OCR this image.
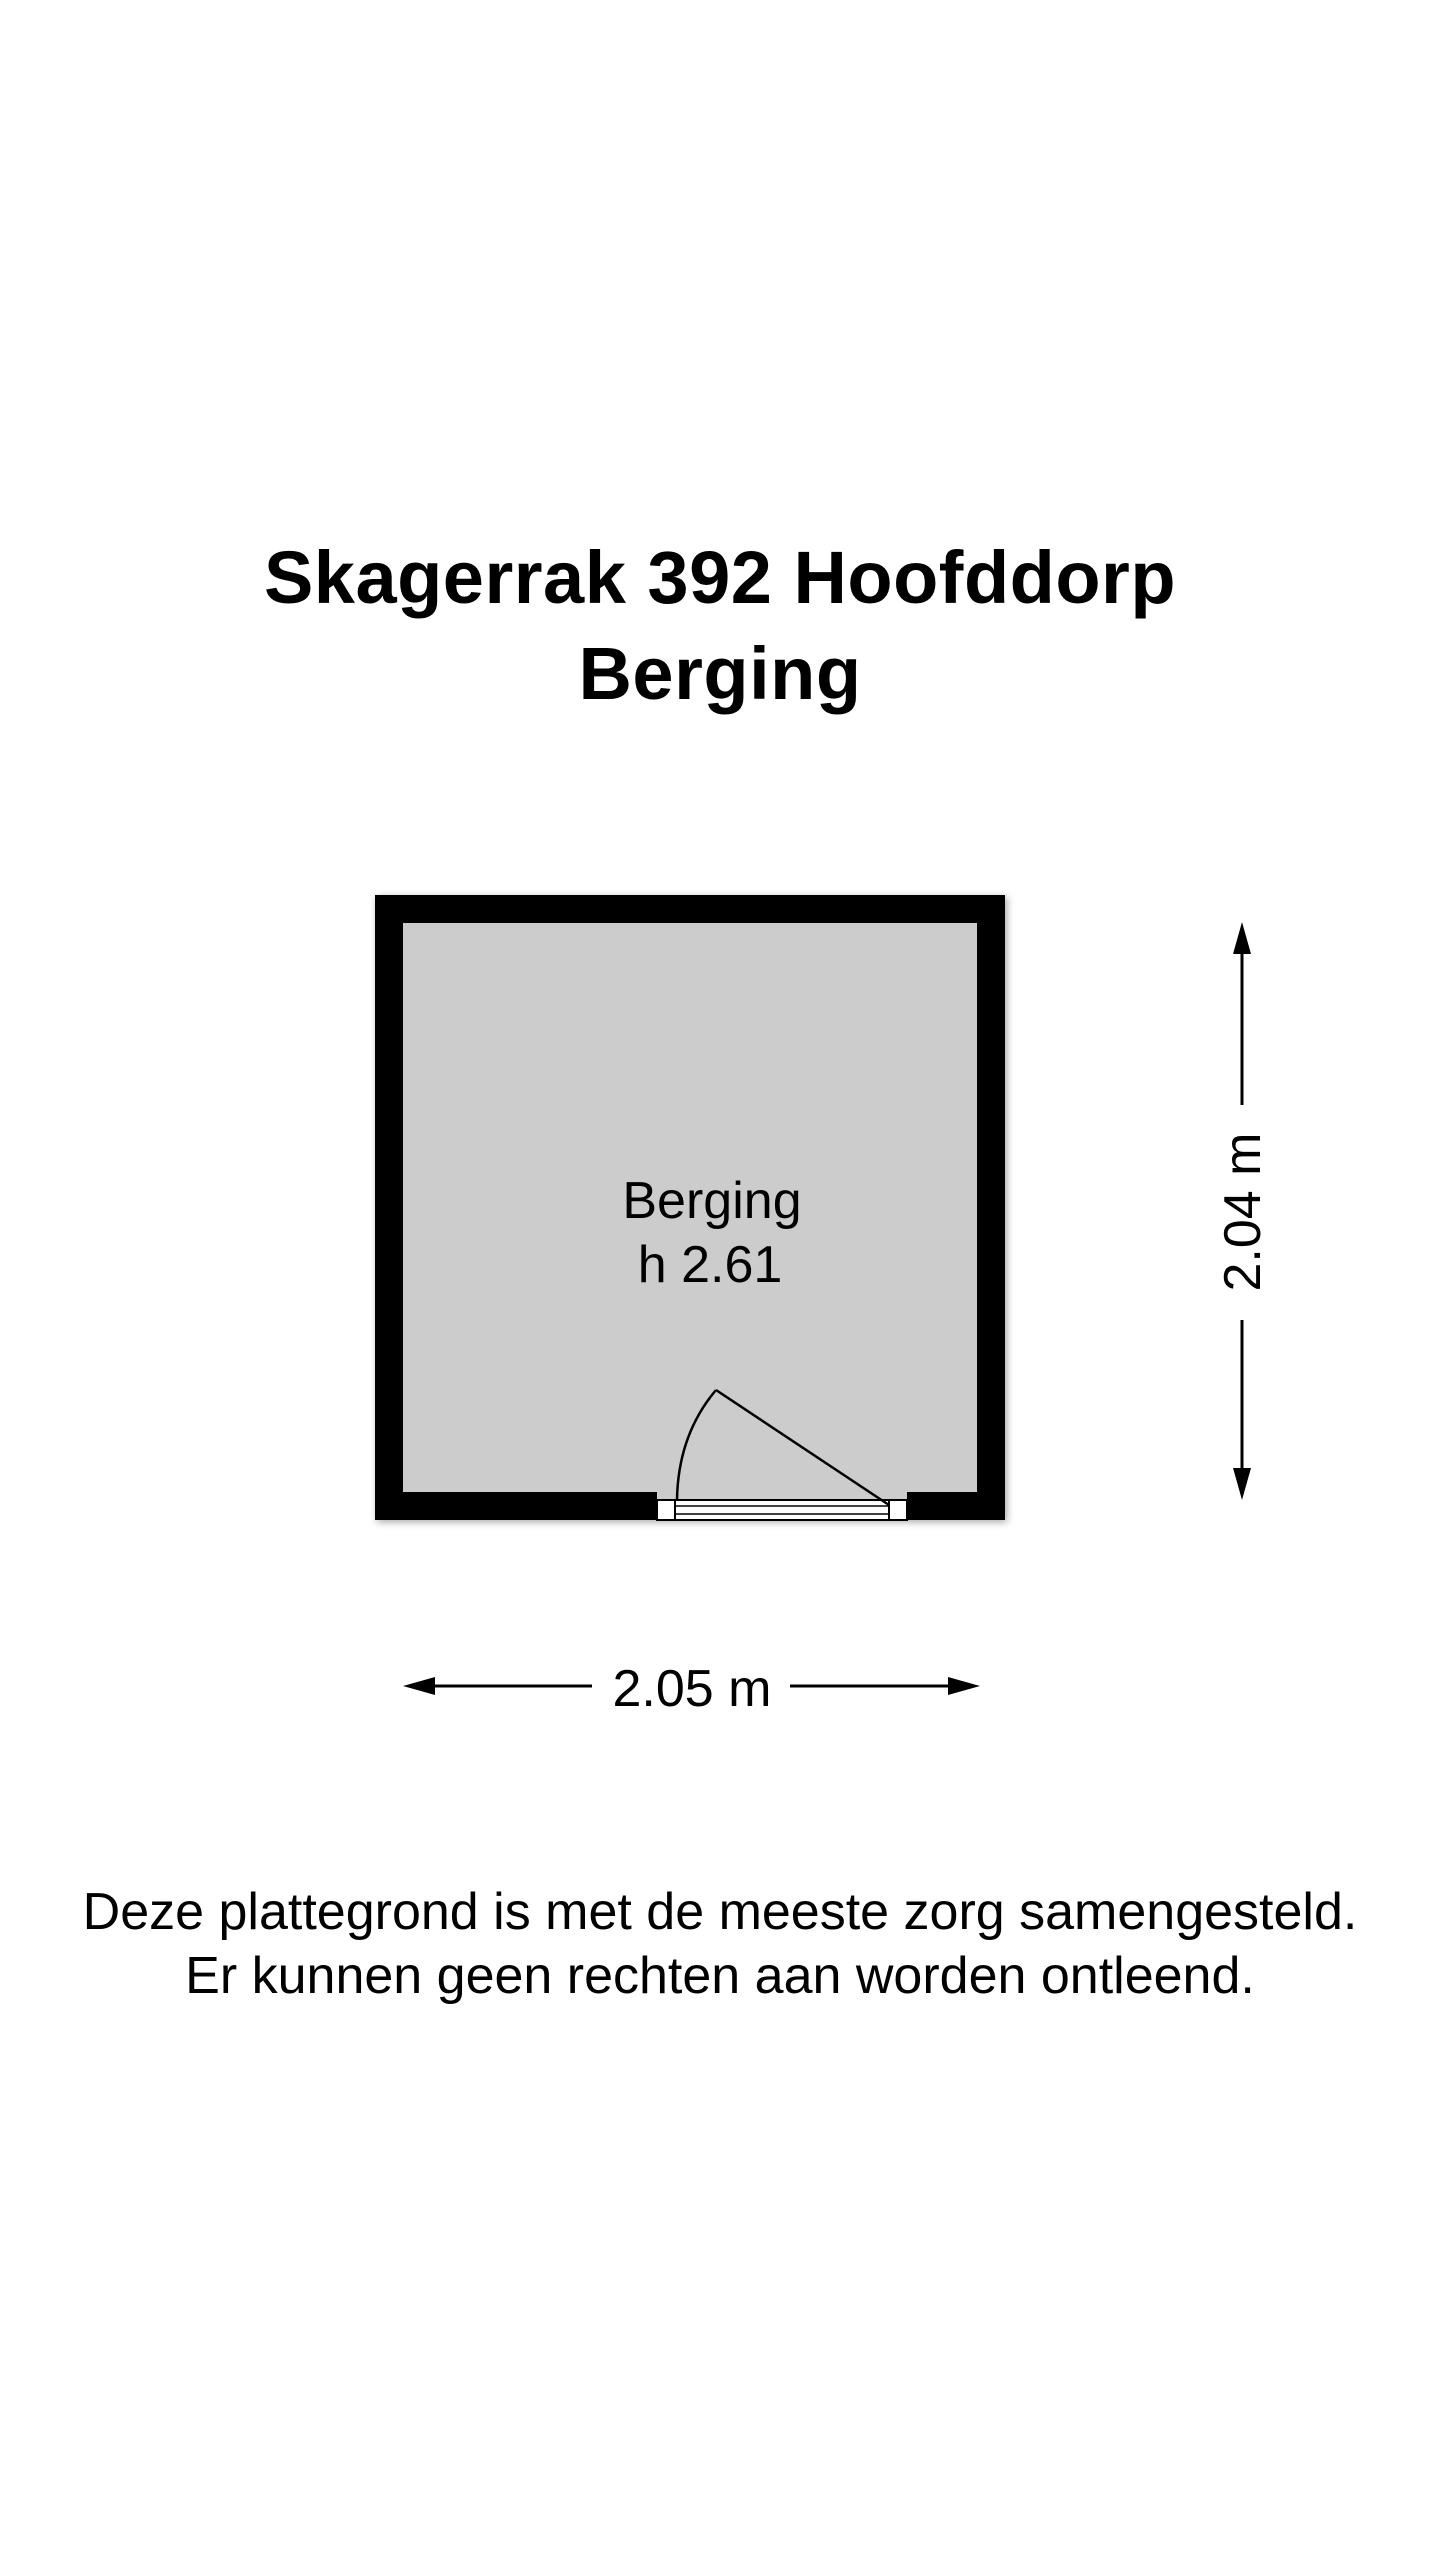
Skagerrak 392 Hoofddorp
Berging
Berging
h 2.61
2.05 m
2.04 m
Deze plattegrond is met de meeste zorg samengesteld.
Er kunnen geen rechten aan worden ontleend.
